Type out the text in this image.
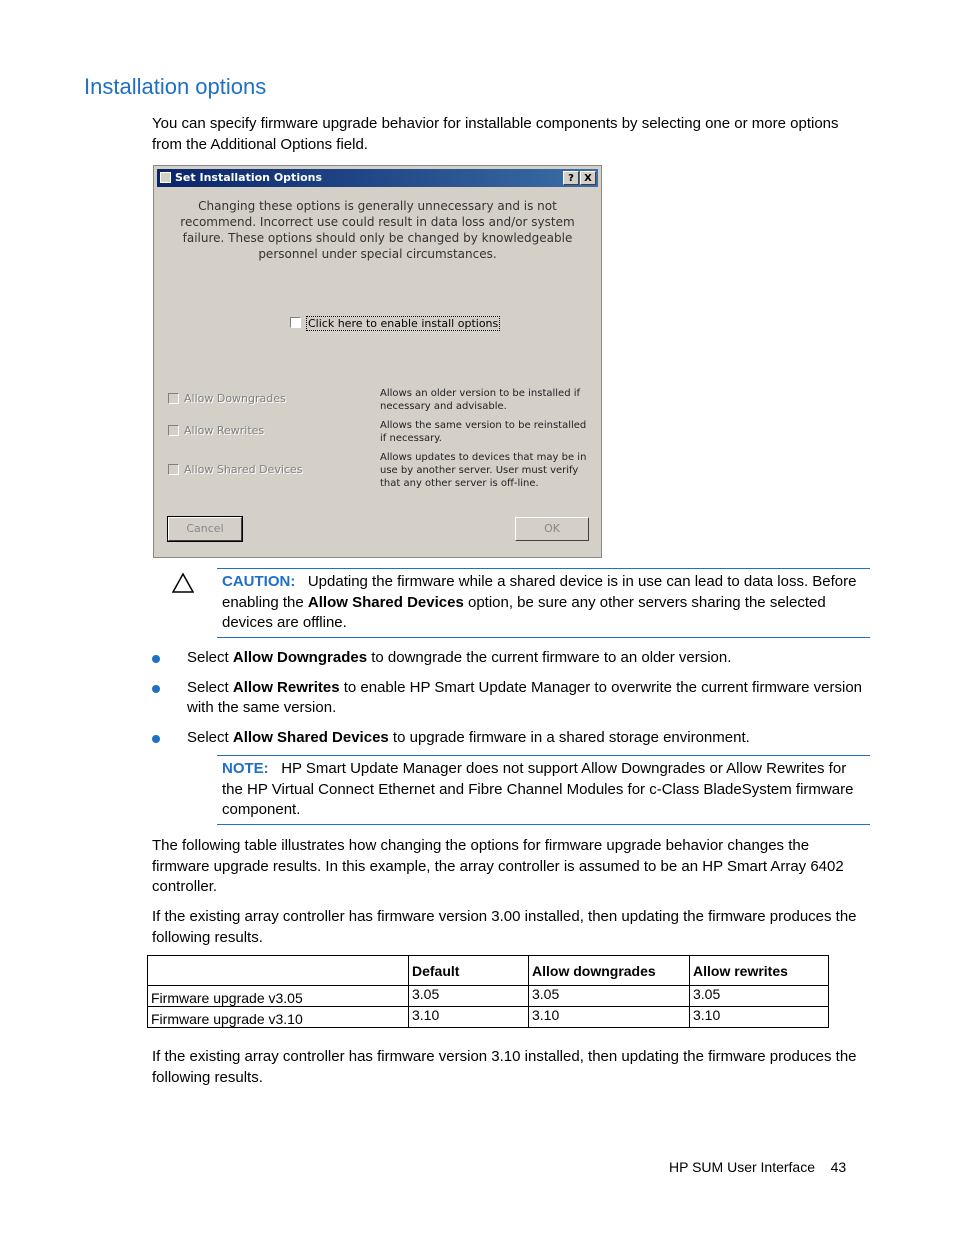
Installation options
You can specify firmware upgrade behavior for installable components by selecting one or more options from the Additional Options field.
Set Installation Options	?	X
Changing these options is generally unnecessary and is not recommend. Incorrect use could result in data loss and/or system failure. These options should only be changed by knowledgeable personnel under special circumstances.
Click here to enable install options
Allow Downgrades	Allows an older version to be installed if necessary and advisable.
Allow Rewrites	Allows the same version to be reinstalled if necessary.
Allow Shared Devices
Allows updates to devices that may be in use by another server. User must verify that any other server is off-line.
Cancel	OK
CAUTION: Updating the firmware while a shared device is in use can lead to data loss. Before enabling the Allow Shared Devices option, be sure any other servers sharing the selected devices are offline.
Select Allow Downgrades to downgrade the current firmware to an older version.
Select Allow Rewrites to enable HP Smart Update Manager to overwrite the current firmware version with the same version.
Select Allow Shared Devices to upgrade firmware in a shared storage environment.
NOTE: HP Smart Update Manager does not support Allow Downgrades or Allow Rewrites for the HP Virtual Connect Ethernet and Fibre Channel Modules for c-Class BladeSystem firmware component.
The following table illustrates how changing the options for firmware upgrade behavior changes the firmware upgrade results. In this example, the array controller is assumed to be an HP Smart Array 6402 controller.
If the existing array controller has firmware version 3.00 installed, then updating the firmware produces the following results.
	Default	Allow downgrades	Allow rewrites
Firmware upgrade v3.05	3.05	3.05	3.05
Firmware upgrade v3.10	3.10	3.10	3.10
If the existing array controller has firmware version 3.10 installed, then updating the firmware produces the following results.
HP SUM User Interface 43
